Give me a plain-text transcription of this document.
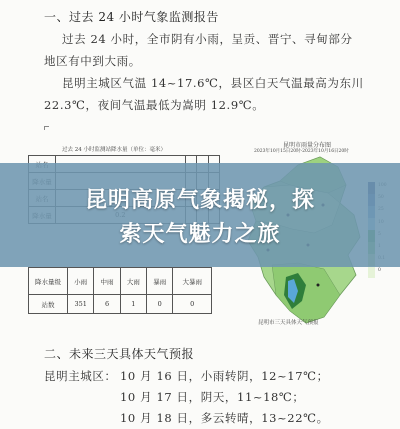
一、过去 24 小时气象监测报告
过去 24 小时，全市阴有小雨，呈贡、晋宁、寻甸部分
地区有中到大雨。
昆明主城区气温 14~17.6℃，县区白天气温最高为东川
22.3℃，夜间气温最低为嵩明 12.9℃。
过去 24 小时监测站降水量（单位：毫米）

昆明市雨量分布图
2023年10月15日20时-2023年10月16日20时
0
昆明市三天具体天气预报
降水量级	小雨	中雨	大雨	暴雨	大暴雨
站数	351	6	1	0	0
二、未来三天具体天气预报
昆明主城区： 10 月 16 日，小雨转阴，12~17℃；
10 月 17 日，阴天，11~18℃；
10 月 18 日，多云转晴，13~22℃。
昆明高原气象揭秘，探
索天气魅力之旅
